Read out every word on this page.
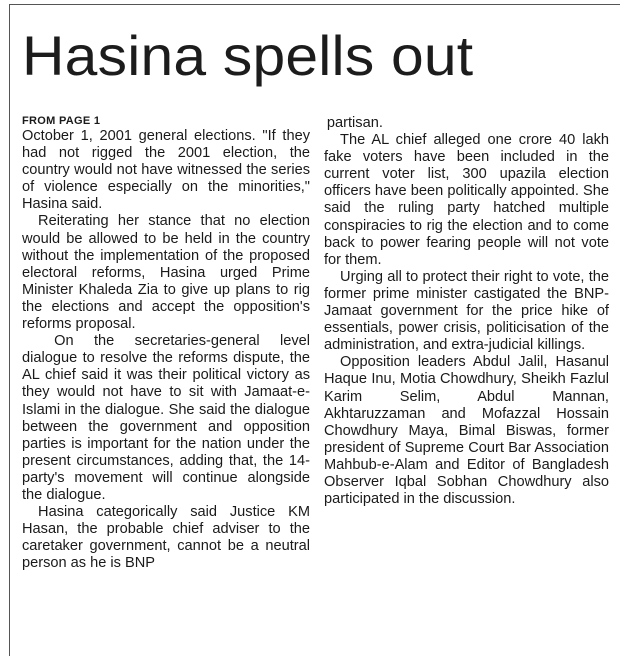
Hasina spells out

FROM PAGE 1

October 1, 2001 general elections. "If they had not rigged the 2001 election, the country would not have witnessed the series of violence especially on the minorities," Hasina said.

Reiterating her stance that no election would be allowed to be held in the country without the implementation of the proposed electoral reforms, Hasina urged Prime Minister Khaleda Zia to give up plans to rig the elections and accept the opposition's reforms proposal.

On the secretaries-general level dialogue to resolve the reforms dispute, the AL chief said it was their political victory as they would not have to sit with Jamaat-e-Islami in the dialogue. She said the dialogue between the government and opposition parties is important for the nation under the present circumstances, adding that, the 14-party's movement will continue alongside the dialogue.

Hasina categorically said Justice KM Hasan, the probable chief adviser to the caretaker government, cannot be a neutral person as he is BNP

partisan.

The AL chief alleged one crore 40 lakh fake voters have been included in the current voter list, 300 upazila election officers have been politically appointed. She said the ruling party hatched multiple conspiracies to rig the election and to come back to power fearing people will not vote for them.

Urging all to protect their right to vote, the former prime minister castigated the BNP-Jamaat government for the price hike of essentials, power crisis, politicisation of the administration, and extra-judicial killings.

Opposition leaders Abdul Jalil, Hasanul Haque Inu, Motia Chowdhury, Sheikh Fazlul Karim Selim, Abdul Mannan, Akhtaruzzaman and Mofazzal Hossain Chowdhury Maya, Bimal Biswas, former president of Supreme Court Bar Association Mahbub-e-Alam and Editor of Bangladesh Observer Iqbal Sobhan Chowdhury also participated in the discussion.
